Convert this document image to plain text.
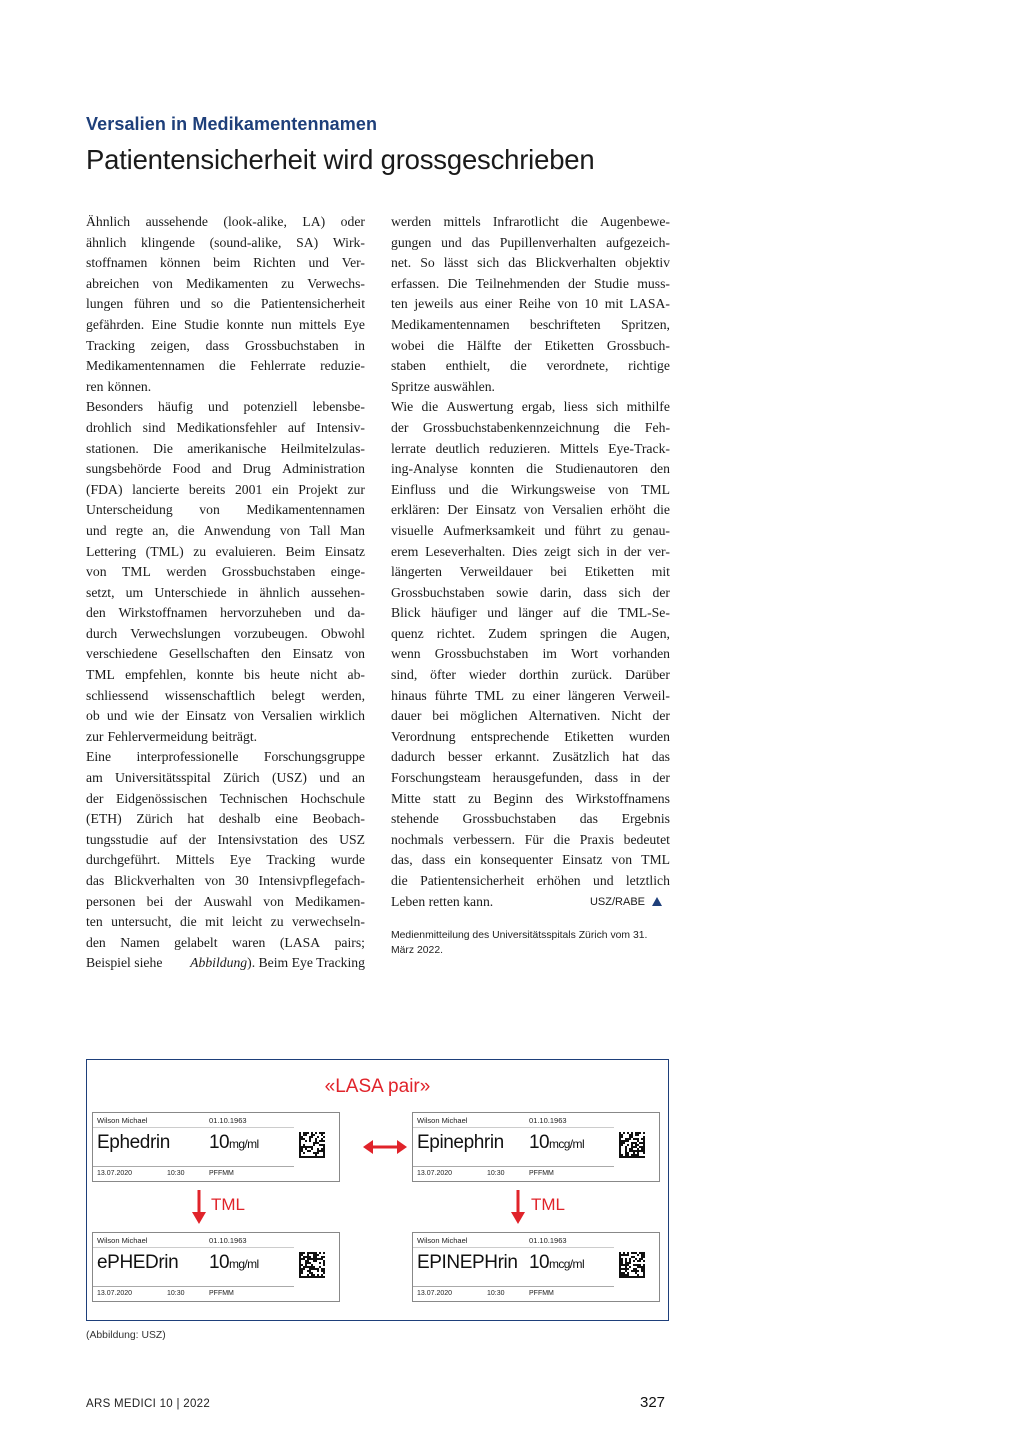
Versalien in Medikamentennamen
Patientensicherheit wird grossgeschrieben
Ähnlich aussehende (look-alike, LA) oder
ähnlich klingende (sound-alike, SA) Wirk-
stoffnamen können beim Richten und Ver-
abreichen von Medikamenten zu Verwechs-
lungen führen und so die Patientensicherheit
gefährden. Eine Studie konnte nun mittels Eye
Tracking zeigen, dass Grossbuchstaben in
Medikamentennamen die Fehlerrate reduzie-
ren können.
Besonders häufig und potenziell lebensbe-
drohlich sind Medikationsfehler auf Intensiv-
stationen. Die amerikanische Heilmitelzulas-
sungsbehörde Food and Drug Administration
(FDA) lancierte bereits 2001 ein Projekt zur
Unterscheidung von Medikamentennamen
und regte an, die Anwendung von Tall Man
Lettering (TML) zu evaluieren. Beim Einsatz
von TML werden Grossbuchstaben einge-
setzt, um Unterschiede in ähnlich aussehen-
den Wirkstoffnamen hervorzuheben und da-
durch Verwechslungen vorzubeugen. Obwohl
verschiedene Gesellschaften den Einsatz von
TML empfehlen, konnte bis heute nicht ab-
schliessend wissenschaftlich belegt werden,
ob und wie der Einsatz von Versalien wirklich
zur Fehlervermeidung beiträgt.
Eine interprofessionelle Forschungsgruppe
am Universitätsspital Zürich (USZ) und an
der Eidgenössischen Technischen Hochschule
(ETH) Zürich hat deshalb eine Beobach-
tungsstudie auf der Intensivstation des USZ
durchgeführt. Mittels Eye Tracking wurde
das Blickverhalten von 30 Intensivpflegefach-
personen bei der Auswahl von Medikamen-
ten untersucht, die mit leicht zu verwechseln-
den Namen gelabelt waren (LASA pairs;
Beispiel siehe Abbildung). Beim Eye Tracking
werden mittels Infrarotlicht die Augenbewe-
gungen und das Pupillenverhalten aufgezeich-
net. So lässt sich das Blickverhalten objektiv
erfassen. Die Teilnehmenden der Studie muss-
ten jeweils aus einer Reihe von 10 mit LASA-
Medikamentennamen beschrifteten Spritzen,
wobei die Hälfte der Etiketten Grossbuch-
staben enthielt, die verordnete, richtige
Spritze auswählen.
Wie die Auswertung ergab, liess sich mithilfe
der Grossbuchstabenkennzeichnung die Feh-
lerrate deutlich reduzieren. Mittels Eye-Track-
ing-Analyse konnten die Studienautoren den
Einfluss und die Wirkungsweise von TML
erklären: Der Einsatz von Versalien erhöht die
visuelle Aufmerksamkeit und führt zu genau-
erem Leseverhalten. Dies zeigt sich in der ver-
längerten Verweildauer bei Etiketten mit
Grossbuchstaben sowie darin, dass sich der
Blick häufiger und länger auf die TML-Se-
quenz richtet. Zudem springen die Augen,
wenn Grossbuchstaben im Wort vorhanden
sind, öfter wieder dorthin zurück. Darüber
hinaus führte TML zu einer längeren Verweil-
dauer bei möglichen Alternativen. Nicht der
Verordnung entsprechende Etiketten wurden
dadurch besser erkannt. Zusätzlich hat das
Forschungsteam herausgefunden, dass in der
Mitte statt zu Beginn des Wirkstoffnamens
stehende Grossbuchstaben das Ergebnis
nochmals verbessern. Für die Praxis bedeutet
das, dass ein konsequenter Einsatz von TML
die Patientensicherheit erhöhen und letztlich
Leben retten kann.	USZ/RABE
Medienmitteilung des Universitätsspitals Zürich vom 31. März 2022.
«LASA pair»
Wilson Michael	01.10.1963
Ephedrin 10mg/ml
13.07.2020	10:30	PFFMM
Wilson Michael	01.10.1963
Epinephrin 10mcg/ml
13.07.2020	10:30	PFFMM
TML	TML
Wilson Michael	01.10.1963
ePHEDrin 10mg/ml
13.07.2020	10:30	PFFMM
Wilson Michael	01.10.1963
EPINEPHrin 10mcg/ml
13.07.2020	10:30	PFFMM
(Abbildung: USZ)
ARS MEDICI 10 | 2022	327
